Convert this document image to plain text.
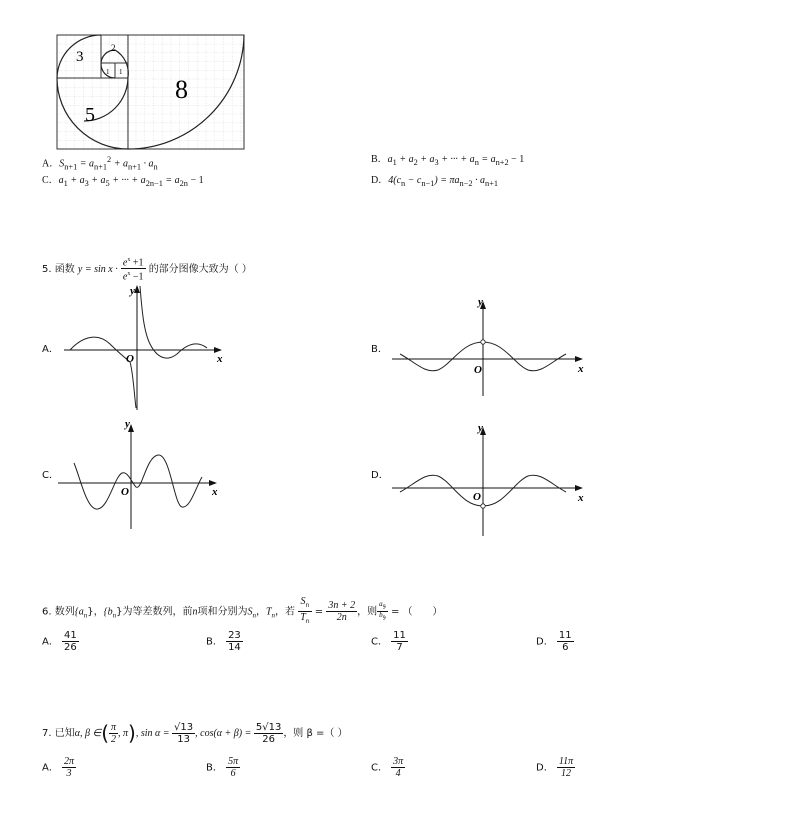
3
2
1 1
8
5
A．$S_{n+1} = a_{n+1}^2 + a_{n+1} \cdot a_n$
B．$a_1 + a_2 + a_3$ + ··· + $a_n = a_{n+2} - 1$
C．$a_1 + a_3 + a_5$ + ··· + $a_{2n-1} = a_{2n} - 1$	D．$4(c_n - c_{n-1}) = \pi a_{n-2} \cdot a_{n+1}$
5. 函数 $y = \sin x \cdot \frac{e^x +1}{e^x -1}$ 的部分图像大致为（ ）
A．	B．
C．	D．
x
y
O
x
y
O
x
y
O	x
y
O
6. 数列$\{a_n\}$，$\{b_n\}$为等差数列，前n项和分别为$S_n$，$T_n$，若 $\frac{S_n}{T_n} = \frac{3n + 2}{2n}$ ，则 $\frac{a_9}{b_9}$ = （　　）
A． $\frac{41}{26}$	B． $\frac{23}{14}$	C． $\frac{11}{7}$	D． $\frac{11}{6}$
7. 已知α, β ∈( $\frac{\pi}{2}$ , π), $\sin \alpha = \frac{√13}{13}$ , $\cos(\alpha + \beta) = \frac{5√13}{26}$ ，则 β =（ ）
A． $\frac{2\pi}{3}$	B． $\frac{5\pi}{6}$	C． $\frac{3\pi}{4}$	D． $\frac{11\pi}{12}$
